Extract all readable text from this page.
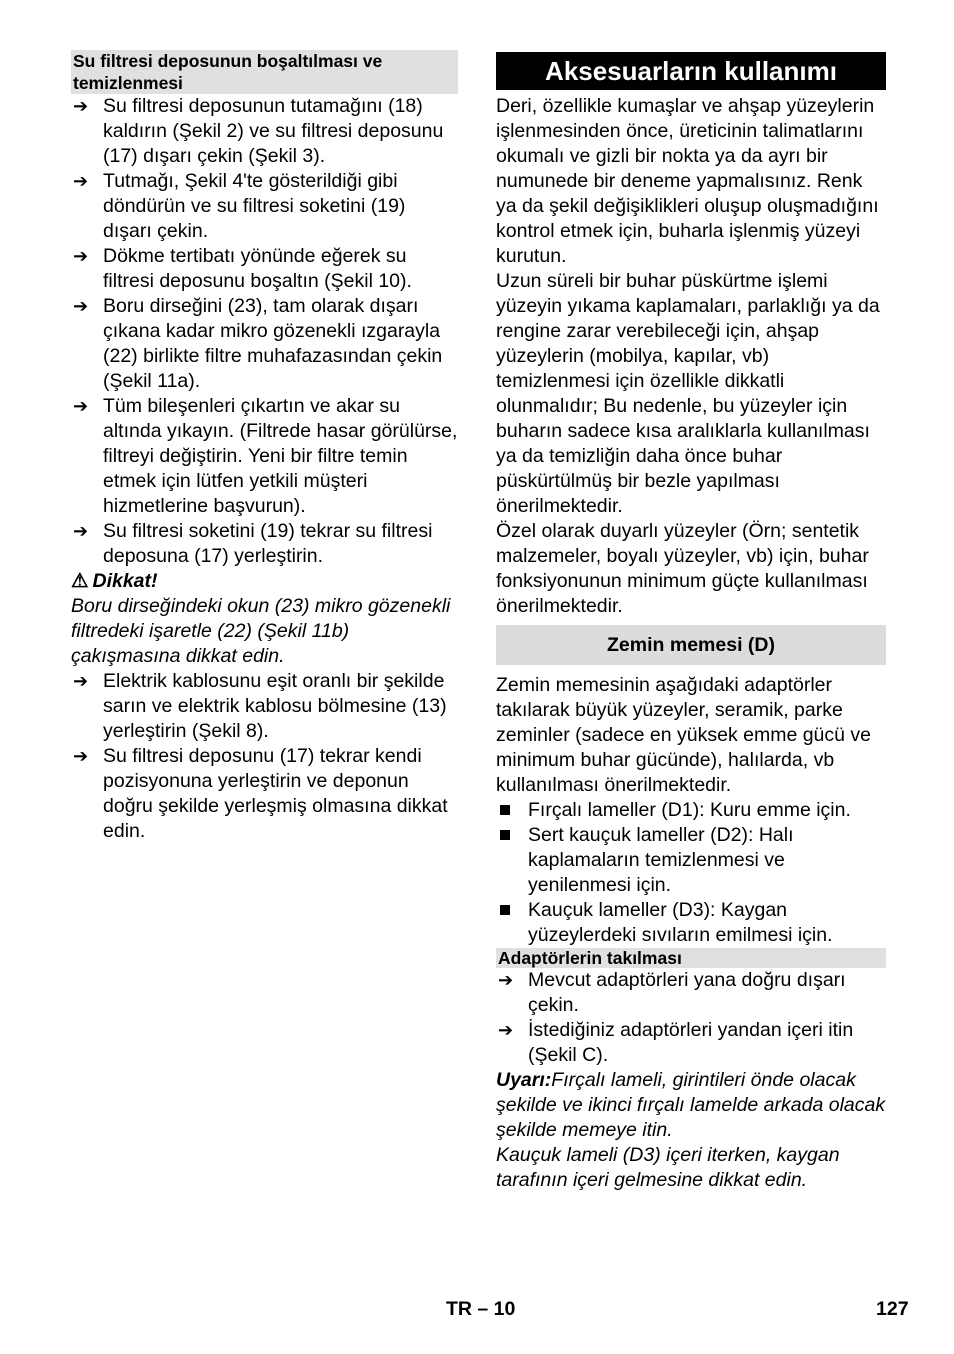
Su filtresi deposunun boşaltılması ve temizlenmesi
➔ Su filtresi deposunun tutamağını (18) kaldırın (Şekil 2) ve su filtresi deposunu (17) dışarı çekin (Şekil 3).
➔ Tutmağı, Şekil 4'te gösterildiği gibi döndürün ve su filtresi soketini (19) dışarı çekin.
➔ Dökme tertibatı yönünde eğerek su filtresi deposunu boşaltın (Şekil 10).
➔ Boru dirseğini (23), tam olarak dışarı çıkana kadar mikro gözenekli ızgarayla (22) birlikte filtre muhafazasından çekin (Şekil 11a).
➔ Tüm bileşenleri çıkartın ve akar su altında yıkayın. (Filtrede hasar görülürse, filtreyi değiştirin. Yeni bir filtre temin etmek için lütfen yetkili müşteri hizmetlerine başvurun).
➔ Su filtresi soketini (19) tekrar su filtresi deposuna (17) yerleştirin.
⚠ Dikkat!

Boru dirseğindeki okun (23) mikro gözenekli filtredeki işaretle (22) (Şekil 11b) çakışmasına dikkat edin.

➔ Elektrik kablosunu eşit oranlı bir şekilde sarın ve elektrik kablosu bölmesine (13) yerleştirin (Şekil 8).
➔ Su filtresi deposunu (17) tekrar kendi pozisyonuna yerleştirin ve deponun doğru şekilde yerleşmiş olmasına dikkat edin.
Aksesuarların kullanımı

Deri, özellikle kumaşlar ve ahşap yüzeylerin işlenmesinden önce, üreticinin talimatlarını okumalı ve gizli bir nokta ya da ayrı bir numunede bir deneme yapmalısınız. Renk ya da şekil değişiklikleri oluşup oluşmadığını kontrol etmek için, buharla işlenmiş yüzeyi kurutun.

Uzun süreli bir buhar püskürtme işlemi yüzeyin yıkama kaplamaları, parlaklığı ya da rengine zarar verebileceği için, ahşap yüzeylerin (mobilya, kapılar, vb) temizlenmesi için özellikle dikkatli olunmalıdır; Bu nedenle, bu yüzeyler için buharın sadece kısa aralıklarla kullanılması ya da temizliğin daha önce buhar püskürtülmüş bir bezle yapılması önerilmektedir.

Özel olarak duyarlı yüzeyler (Örn; sentetik malzemeler, boyalı yüzeyler, vb) için, buhar fonksiyonunun minimum güçte kullanılması önerilmektedir.

Zemin memesi (D)

Zemin memesinin aşağıdaki adaptörler takılarak büyük yüzeyler, seramik, parke zeminler (sadece en yüksek emme gücü ve minimum buhar gücünde), halılarda, vb kullanılması önerilmektedir.

Fırçalı lameller (D1): Kuru emme için.
Sert kauçuk lameller (D2): Halı kaplamaların temizlenmesi ve yenilenmesi için.
Kauçuk lameller (D3): Kaygan yüzeylerdeki sıvıların emilmesi için.
Adaptörlerin takılması
➔ Mevcut adaptörleri yana doğru dışarı çekin.
➔ İstediğiniz adaptörleri yandan içeri itin (Şekil C).

Uyarı:Fırçalı lameli, girintileri önde olacak şekilde ve ikinci fırçalı lamelde arkada olacak şekilde memeye itin.

Kauçuk lameli (D3) içeri iterken, kaygan tarafının içeri gelmesine dikkat edin.

TR – 10	127
